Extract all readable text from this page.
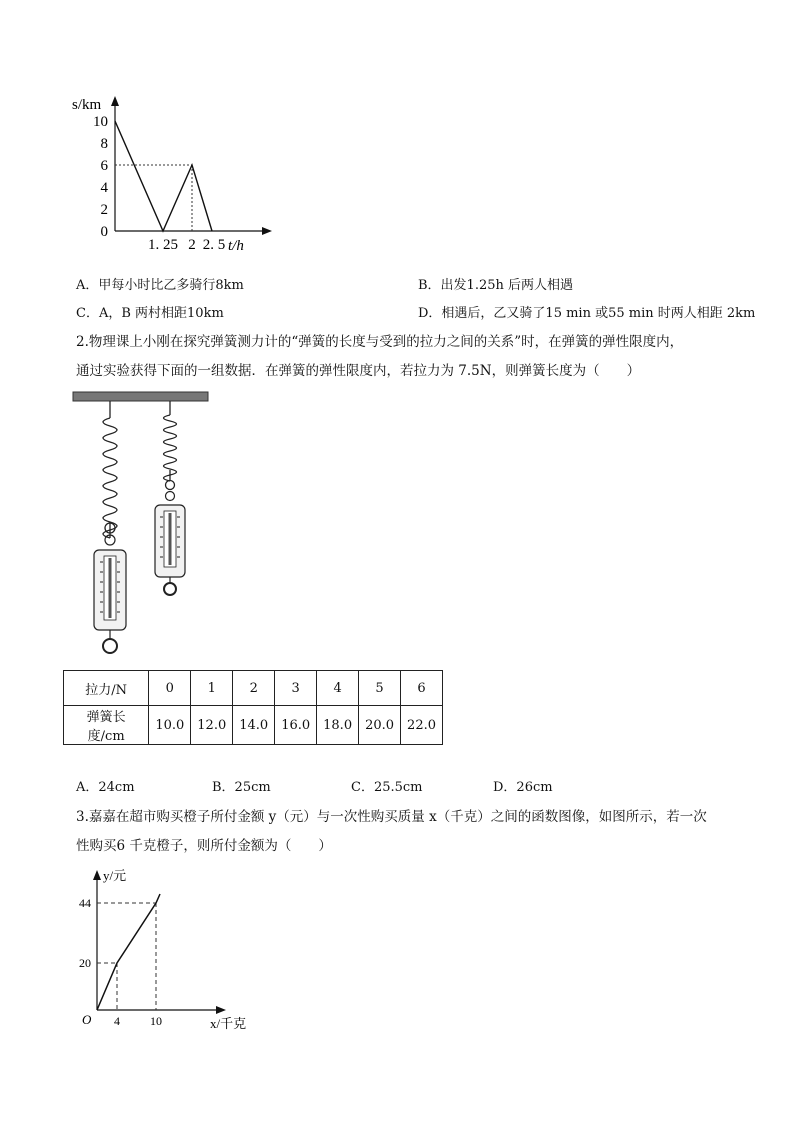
s/km
10
8
6
4
2
0
1. 25 2 2. 5 t/h
A．甲每小时比乙多骑行8km	B．出发1.25h 后两人相遇
C．A，B 两村相距10km	D．相遇后，乙又骑了15 min 或55 min 时两人相距 2km
2.物理课上小刚在探究弹簧测力计的“弹簧的长度与受到的拉力之间的关系”时，在弹簧的弹性限度内，
通过实验获得下面的一组数据．在弹簧的弹性限度内，若拉力为 7.5N，则弹簧长度为（　　）
拉力/N	0	1	2	3	4	5	6
弹簧长度/cm	10.0	12.0	14.0	16.0	18.0	20.0	22.0
A．24cm	B．25cm	C．25.5cm	D．26cm
3.嘉嘉在超市购买橙子所付金额 y（元）与一次性购买质量 x（千克）之间的函数图像，如图所示，若一次
性购买6 千克橙子，则所付金额为（　　）
y/元
44
20
O 4	10	x/千克
